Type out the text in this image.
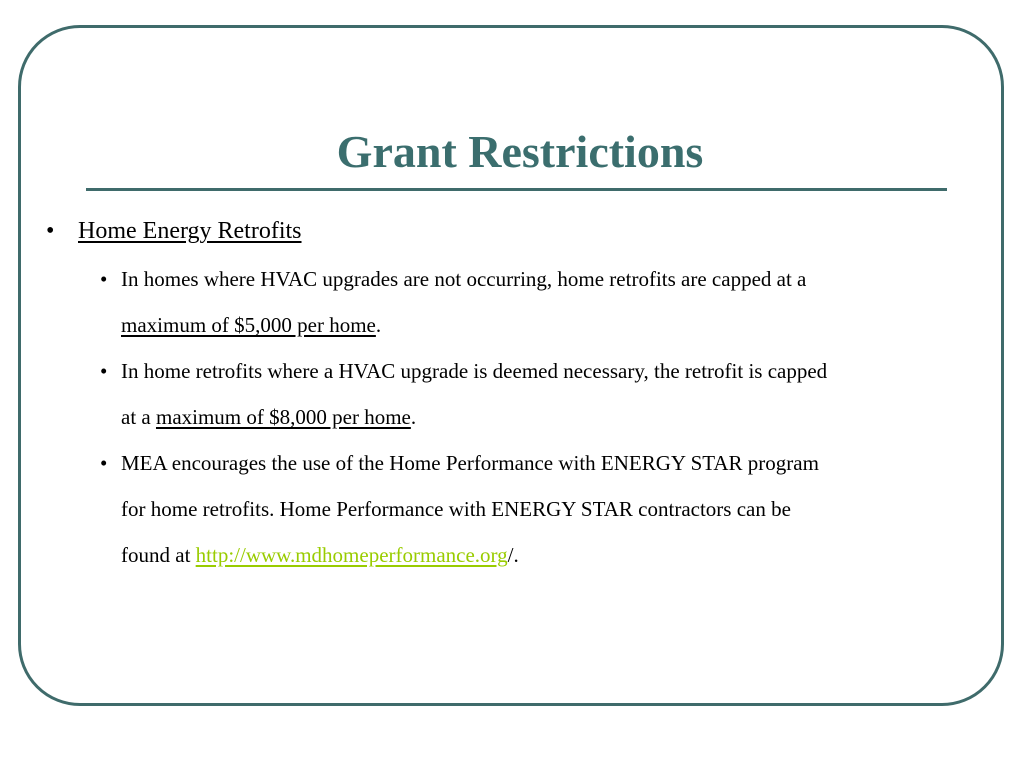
Grant Restrictions
• Home Energy Retrofits
• In homes where HVAC upgrades are not occurring, home retrofits are capped at a
maximum of $5,000 per home.
• In home retrofits where a HVAC upgrade is deemed necessary, the retrofit is capped
at a maximum of $8,000 per home.
• MEA encourages the use of the Home Performance with ENERGY STAR program
for home retrofits. Home Performance with ENERGY STAR contractors can be
found at http://www.mdhomeperformance.org/.
